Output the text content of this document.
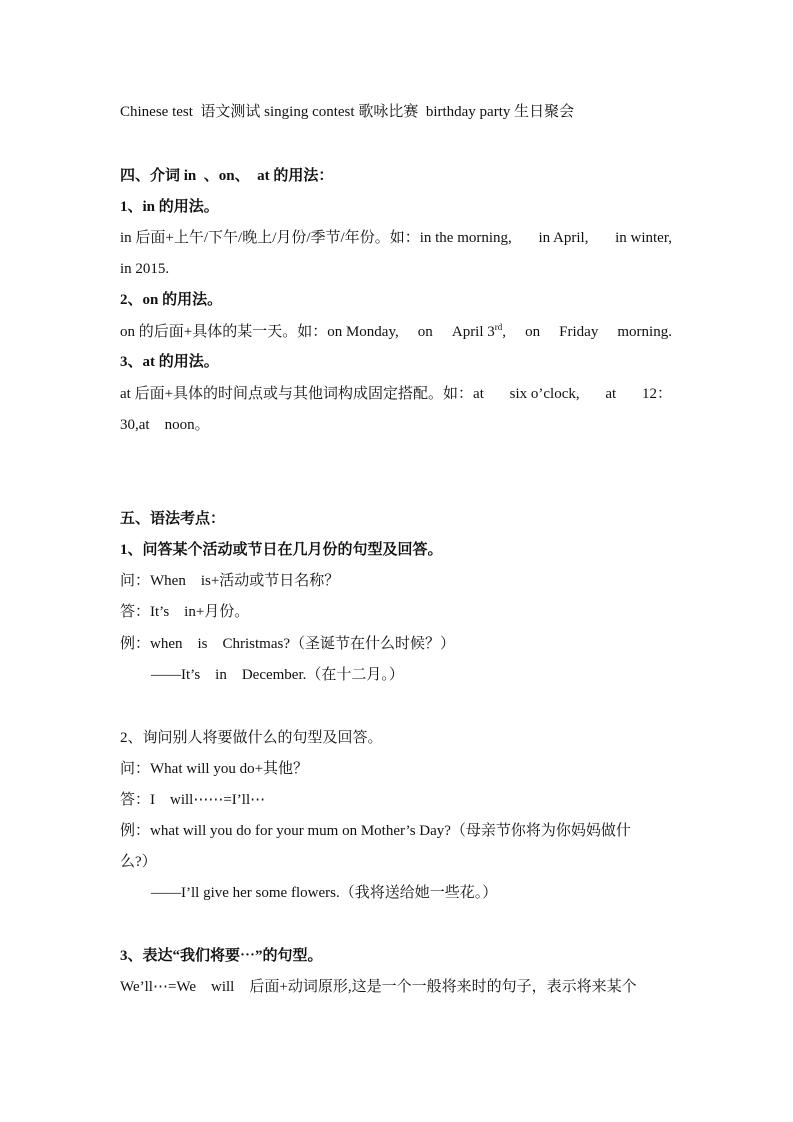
Chinese test  语文测试 singing contest 歌咏比赛  birthday party 生日聚会
四、介词 in  、on、  at 的用法：
1、in 的用法。
in 后面+上午/下午/晚上/月份/季节/年份。如：in the morning, in April, in winter,
in 2015.
2、on 的用法。
on 的后面+具体的某一天。如：on Monday, on April 3rd, on Friday morning.
3、at 的用法。
at 后面+具体的时间点或与其他词构成固定搭配。如：at six o’clock, at 12：
30,at    noon。
五、语法考点：
1、问答某个活动或节日在几月份的句型及回答。
问：When    is+活动或节日名称？
答：It’s    in+月份。
例：when    is    Christmas?（圣诞节在什么时候？）
——It’s    in    December.（在十二月。）
2、询问别人将要做什么的句型及回答。
问：What will you do+其他？
答：I    will⋯⋯=I’ll⋯
例：what will you do for your mum on Mother’s Day?（母亲节你将为你妈妈做什
么?）
——I’ll give her some flowers.（我将送给她一些花。）
3、表达“我们将要⋯”的句型。
We’ll⋯=We    will    后面+动词原形,这是一个一般将来时的句子，表示将来某个
